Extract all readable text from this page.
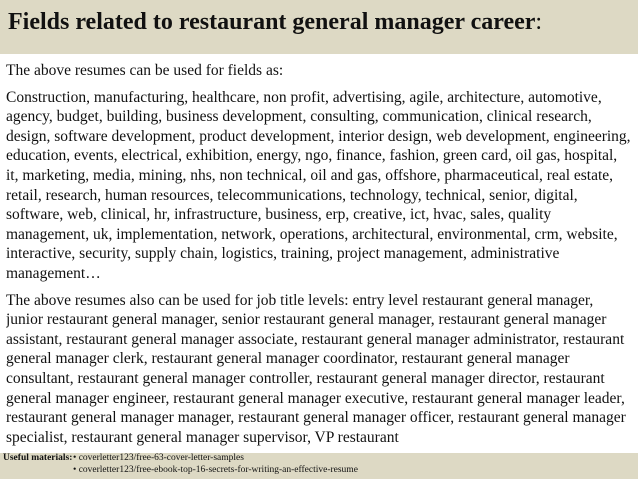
Fields related to restaurant general manager career:

The above resumes can be used for fields as:

Construction, manufacturing, healthcare, non profit, advertising, agile, architecture, automotive, agency, budget, building, business development, consulting, communication, clinical research, design, software development, product development, interior design, web development, engineering, education, events, electrical, exhibition, energy, ngo, finance, fashion, green card, oil gas, hospital, it, marketing, media, mining, nhs, non technical, oil and gas, offshore, pharmaceutical, real estate, retail, research, human resources, telecommunications, technology, technical, senior, digital, software, web, clinical, hr, infrastructure, business, erp, creative, ict, hvac, sales, quality management, uk, implementation, network, operations, architectural, environmental, crm, website, interactive, security, supply chain, logistics, training, project management, administrative management…

The above resumes also can be used for job title levels: entry level restaurant general manager, junior restaurant general manager, senior restaurant general manager, restaurant general manager assistant, restaurant general manager associate, restaurant general manager administrator, restaurant general manager clerk, restaurant general manager coordinator, restaurant general manager consultant, restaurant general manager controller, restaurant general manager director, restaurant general manager engineer, restaurant general manager executive, restaurant general manager leader, restaurant general manager manager, restaurant general manager officer, restaurant general manager specialist, restaurant general manager supervisor, VP restaurant

Useful materials: • coverletter123/free-63-cover-letter-samples
• coverletter123/free-ebook-top-16-secrets-for-writing-an-effective-resume
